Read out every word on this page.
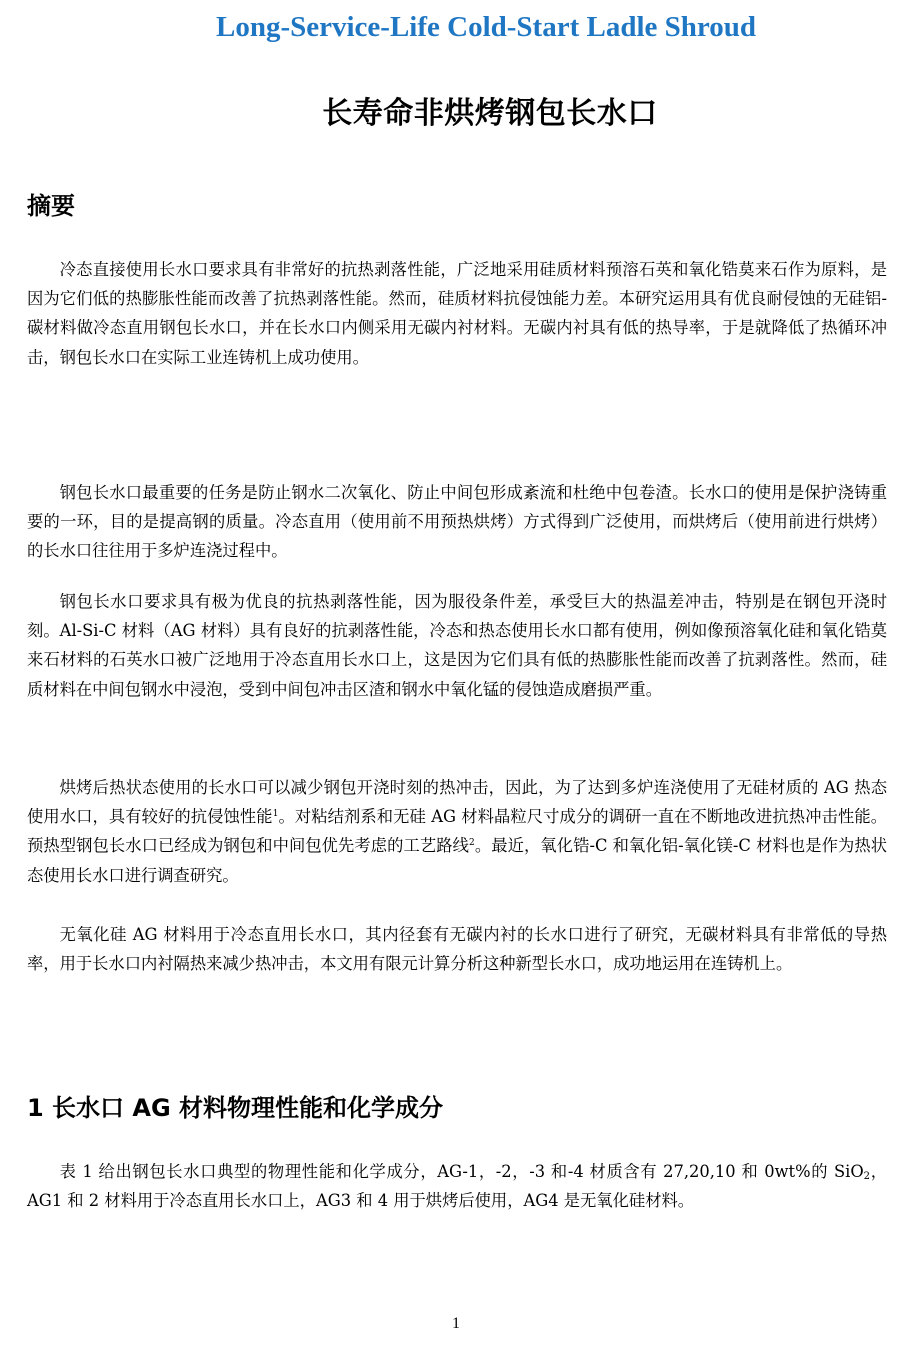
Long-Service-Life Cold-Start Ladle Shroud
长寿命非烘烤钢包长水口
摘要

冷态直接使用长水口要求具有非常好的抗热剥落性能，广泛地采用硅质材料预溶石英和氧化锆莫来石作为原料，是因为它们低的热膨胀性能而改善了抗热剥落性能。然而，硅质材料抗侵蚀能力差。本研究运用具有优良耐侵蚀的无硅铝-碳材料做冷态直用钢包长水口，并在长水口内侧采用无碳内衬材料。无碳内衬具有低的热导率，于是就降低了热循环冲击，钢包长水口在实际工业连铸机上成功使用。

钢包长水口最重要的任务是防止钢水二次氧化、防止中间包形成紊流和杜绝中包卷渣。长水口的使用是保护浇铸重要的一环，目的是提高钢的质量。冷态直用（使用前不用预热烘烤）方式得到广泛使用，而烘烤后（使用前进行烘烤）的长水口往往用于多炉连浇过程中。

钢包长水口要求具有极为优良的抗热剥落性能，因为服役条件差，承受巨大的热温差冲击，特别是在钢包开浇时刻。Al-Si-C 材料（AG 材料）具有良好的抗剥落性能，冷态和热态使用长水口都有使用，例如像预溶氧化硅和氧化锆莫来石材料的石英水口被广泛地用于冷态直用长水口上，这是因为它们具有低的热膨胀性能而改善了抗剥落性。然而，硅质材料在中间包钢水中浸泡，受到中间包冲击区渣和钢水中氧化锰的侵蚀造成磨损严重。

烘烤后热状态使用的长水口可以减少钢包开浇时刻的热冲击，因此，为了达到多炉连浇使用了无硅材质的 AG 热态使用水口，具有较好的抗侵蚀性能$^1$。对粘结剂系和无硅 AG 材料晶粒尺寸成分的调研一直在不断地改进抗热冲击性能。预热型钢包长水口已经成为钢包和中间包优先考虑的工艺路线$^2$。最近，氧化锆-C 和氧化铝-氧化镁-C 材料也是作为热状态使用长水口进行调查研究。

无氧化硅 AG 材料用于冷态直用长水口，其内径套有无碳内衬的长水口进行了研究，无碳材料具有非常低的导热率，用于长水口内衬隔热来减少热冲击，本文用有限元计算分析这种新型长水口，成功地运用在连铸机上。

1 长水口 AG 材料物理性能和化学成分

表 1 给出钢包长水口典型的物理性能和化学成分，AG-1，-2，-3 和-4 材质含有 27,20,10 和 0wt%的 SiO$_2$，AG1 和 2 材料用于冷态直用长水口上，AG3 和 4 用于烘烤后使用，AG4 是无氧化硅材料。

1
